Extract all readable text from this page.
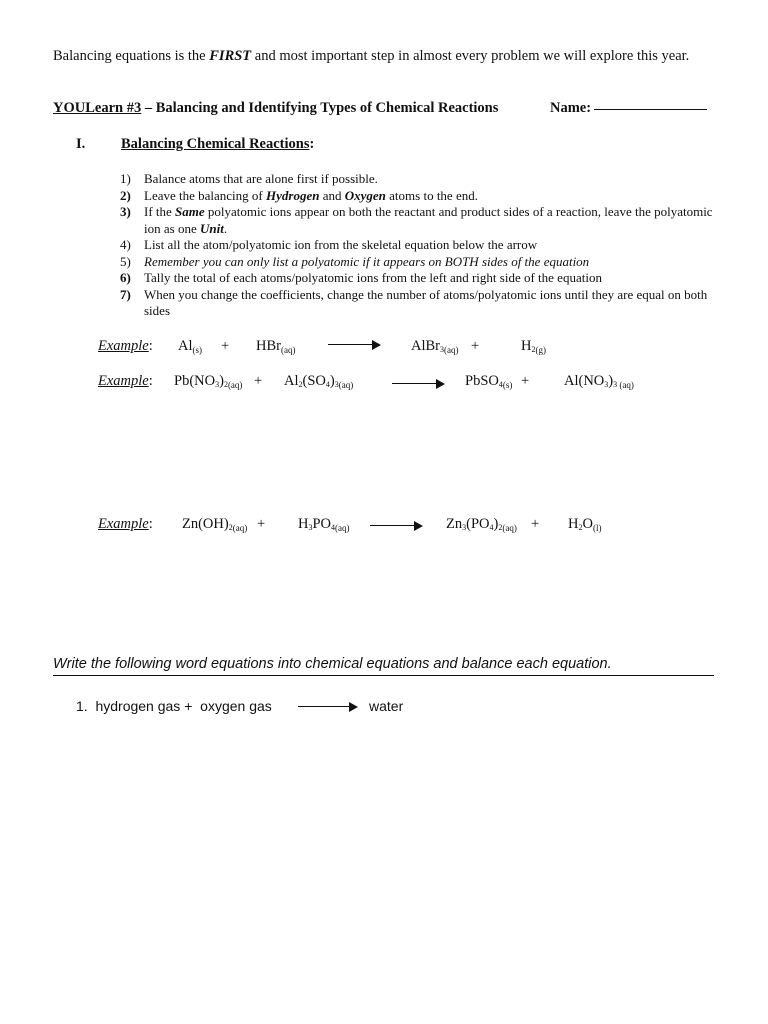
Balancing equations is the FIRST and most important step in almost every problem we will explore this year.
YOULearn #3 – Balancing and Identifying Types of Chemical Reactions	Name:
I. Balancing Chemical Reactions:
1) Balance atoms that are alone first if possible.
2) Leave the balancing of Hydrogen and Oxygen atoms to the end.
3) If the Same polyatomic ions appear on both the reactant and product sides of a reaction, leave the polyatomic ion as one Unit.
4) List all the atom/polyatomic ion from the skeletal equation below the arrow
5) Remember you can only list a polyatomic if it appears on BOTH sides of the equation
6) Tally the total of each atoms/polyatomic ions from the left and right side of the equation
7) When you change the coefficients, change the number of atoms/polyatomic ions until they are equal on both sides
Example: $Al_{(s)} + HBr_{(aq)}$	AlBr$_{3(aq)}$ +	$H_{2(g)}$
Example: $Pb(NO_3)_{2(aq)} + Al_2(SO_4)_{3(aq)}$	PbSO$_{4(s)}$ + $Al(NO_3)_3$ $_{(aq)}$
Example: $Zn(OH)_{2(aq)} + H_3PO_{4(aq)}$	$Zn_3(PO_4)_{2(aq)} + H_2O_{(l)}$
Write the following word equations into chemical equations and balance each equation.
1. hydrogen gas + oxygen gas	water
